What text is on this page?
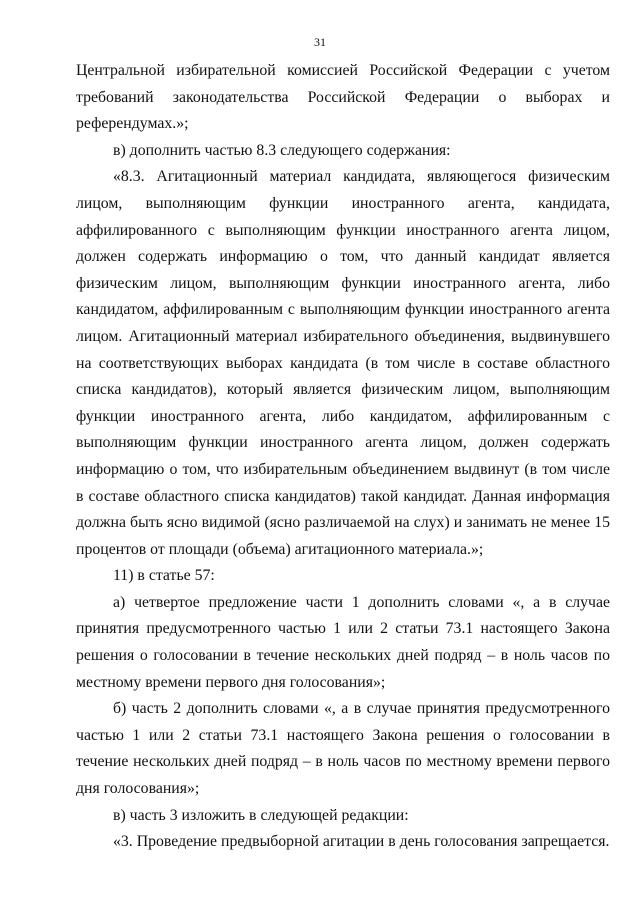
31

Центральной избирательной комиссией Российской Федерации с учетом требований законодательства Российской Федерации о выборах и референдумах.»;

в) дополнить частью 8.3 следующего содержания:

«8.3. Агитационный материал кандидата, являющегося физическим лицом, выполняющим функции иностранного агента, кандидата, аффилированного с выполняющим функции иностранного агента лицом, должен содержать информацию о том, что данный кандидат является физическим лицом, выполняющим функции иностранного агента, либо кандидатом, аффилированным с выполняющим функции иностранного агента лицом. Агитационный материал избирательного объединения, выдвинувшего на соответствующих выборах кандидата (в том числе в составе областного списка кандидатов), который является физическим лицом, выполняющим функции иностранного агента, либо кандидатом, аффилированным с выполняющим функции иностранного агента лицом, должен содержать информацию о том, что избирательным объединением выдвинут (в том числе в составе областного списка кандидатов) такой кандидат. Данная информация должна быть ясно видимой (ясно различаемой на слух) и занимать не менее 15 процентов от площади (объема) агитационного материала.»;

11) в статье 57:

а) четвертое предложение части 1 дополнить словами «, а в случае принятия предусмотренного частью 1 или 2 статьи 73.1 настоящего Закона решения о голосовании в течение нескольких дней подряд – в ноль часов по местному времени первого дня голосования»;

б) часть 2 дополнить словами «, а в случае принятия предусмотренного частью 1 или 2 статьи 73.1 настоящего Закона решения о голосовании в течение нескольких дней подряд – в ноль часов по местному времени первого дня голосования»;

в) часть 3 изложить в следующей редакции:

«3. Проведение предвыборной агитации в день голосования запрещается.
